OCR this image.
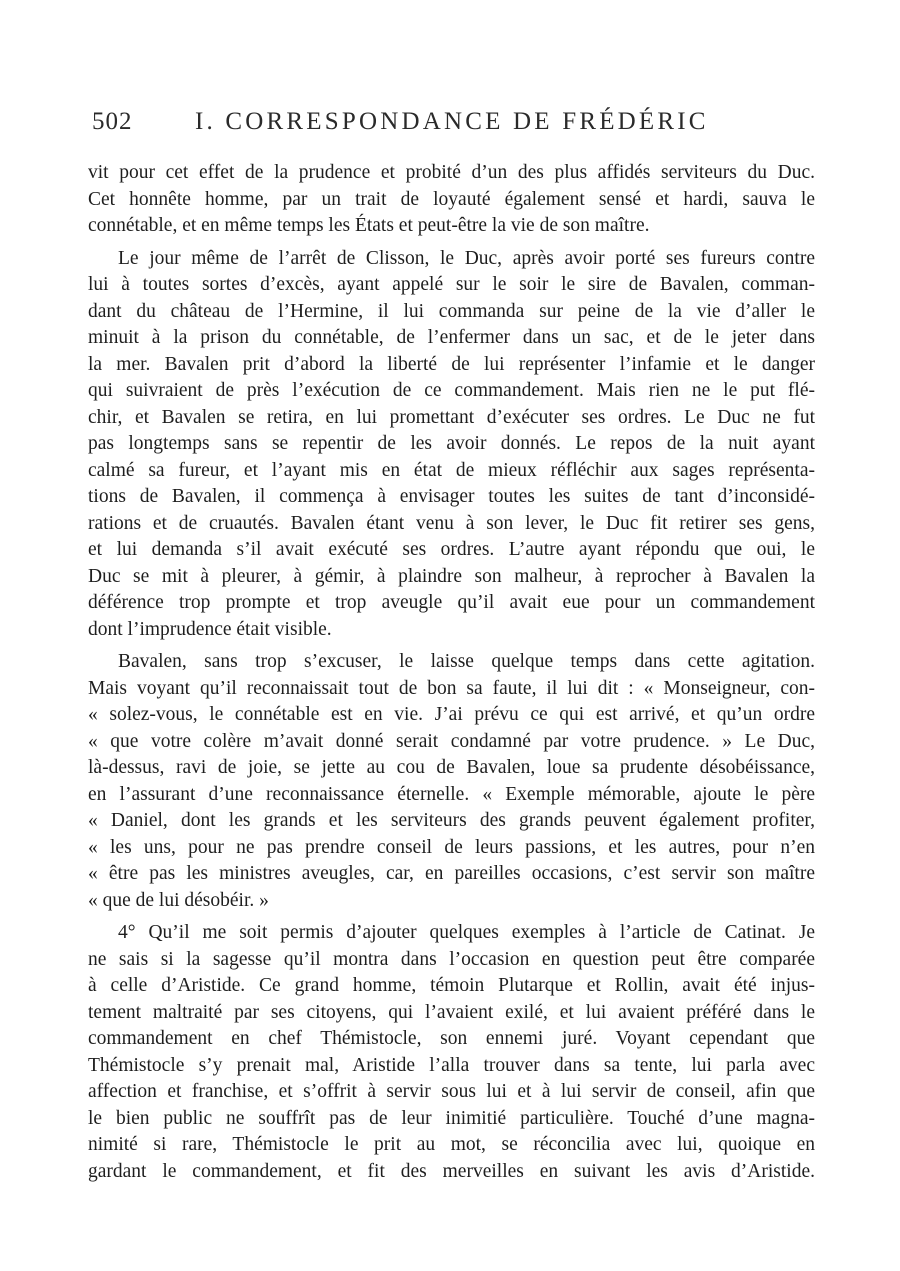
502	I. CORRESPONDANCE DE FRÉDÉRIC
vit pour cet effet de la prudence et probité d’un des plus affidés serviteurs du Duc.
Cet honnête homme, par un trait de loyauté également sensé et hardi, sauva le
connétable, et en même temps les États et peut-être la vie de son maître.
Le jour même de l’arrêt de Clisson, le Duc, après avoir porté ses fureurs contre
lui à toutes sortes d’excès, ayant appelé sur le soir le sire de Bavalen, comman-
dant du château de l’Hermine, il lui commanda sur peine de la vie d’aller le
minuit à la prison du connétable, de l’enfermer dans un sac, et de le jeter dans
la mer. Bavalen prit d’abord la liberté de lui représenter l’infamie et le danger
qui suivraient de près l’exécution de ce commandement. Mais rien ne le put flé-
chir, et Bavalen se retira, en lui promettant d’exécuter ses ordres. Le Duc ne fut
pas longtemps sans se repentir de les avoir donnés. Le repos de la nuit ayant
calmé sa fureur, et l’ayant mis en état de mieux réfléchir aux sages représenta-
tions de Bavalen, il commença à envisager toutes les suites de tant d’inconsidé-
rations et de cruautés. Bavalen étant venu à son lever, le Duc fit retirer ses gens,
et lui demanda s’il avait exécuté ses ordres. L’autre ayant répondu que oui, le
Duc se mit à pleurer, à gémir, à plaindre son malheur, à reprocher à Bavalen la
déférence trop prompte et trop aveugle qu’il avait eue pour un commandement
dont l’imprudence était visible.
Bavalen, sans trop s’excuser, le laisse quelque temps dans cette agitation.
Mais voyant qu’il reconnaissait tout de bon sa faute, il lui dit : « Monseigneur, con-
« solez-vous, le connétable est en vie. J’ai prévu ce qui est arrivé, et qu’un ordre
« que votre colère m’avait donné serait condamné par votre prudence. » Le Duc,
là-dessus, ravi de joie, se jette au cou de Bavalen, loue sa prudente désobéissance,
en l’assurant d’une reconnaissance éternelle. « Exemple mémorable, ajoute le père
« Daniel, dont les grands et les serviteurs des grands peuvent également profiter,
« les uns, pour ne pas prendre conseil de leurs passions, et les autres, pour n’en
« être pas les ministres aveugles, car, en pareilles occasions, c’est servir son maître
« que de lui désobéir. »
4° Qu’il me soit permis d’ajouter quelques exemples à l’article de Catinat. Je
ne sais si la sagesse qu’il montra dans l’occasion en question peut être comparée
à celle d’Aristide. Ce grand homme, témoin Plutarque et Rollin, avait été injus-
tement maltraité par ses citoyens, qui l’avaient exilé, et lui avaient préféré dans le
commandement en chef Thémistocle, son ennemi juré. Voyant cependant que
Thémistocle s’y prenait mal, Aristide l’alla trouver dans sa tente, lui parla avec
affection et franchise, et s’offrit à servir sous lui et à lui servir de conseil, afin que
le bien public ne souffrît pas de leur inimitié particulière. Touché d’une magna-
nimité si rare, Thémistocle le prit au mot, se réconcilia avec lui, quoique en
gardant le commandement, et fit des merveilles en suivant les avis d’Aristide.
